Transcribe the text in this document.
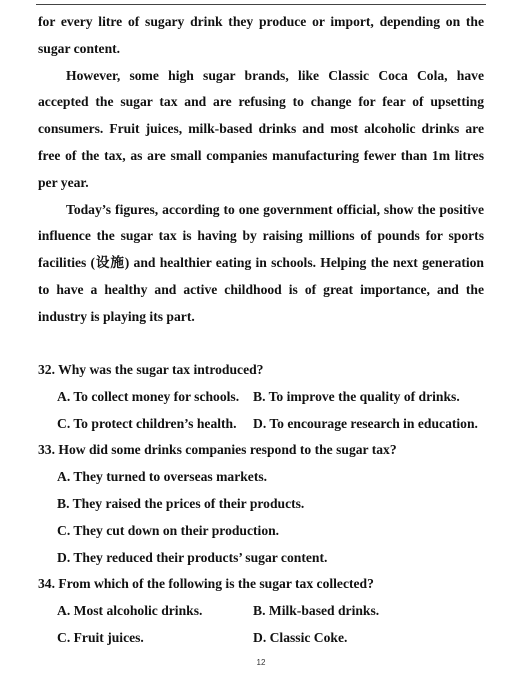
for every litre of sugary drink they produce or import, depending on the sugar content.

However, some high sugar brands, like Classic Coca Cola, have accepted the sugar tax and are refusing to change for fear of upsetting consumers. Fruit juices, milk-based drinks and most alcoholic drinks are free of the tax, as are small companies manufacturing fewer than 1m litres per year.

Today’s figures, according to one government official, show the positive influence the sugar tax is having by raising millions of pounds for sports facilities (设施) and healthier eating in schools. Helping the next generation to have a healthy and active childhood is of great importance, and the industry is playing its part.

32. Why was the sugar tax introduced?
A. To collect money for schools.	B. To improve the quality of drinks.
C. To protect children’s health.	D. To encourage research in education.
33. How did some drinks companies respond to the sugar tax?
A. They turned to overseas markets.
B. They raised the prices of their products.
C. They cut down on their production.
D. They reduced their products’ sugar content.
34. From which of the following is the sugar tax collected?
A. Most alcoholic drinks.	B. Milk-based drinks.
C. Fruit juices.	D. Classic Coke.
12
